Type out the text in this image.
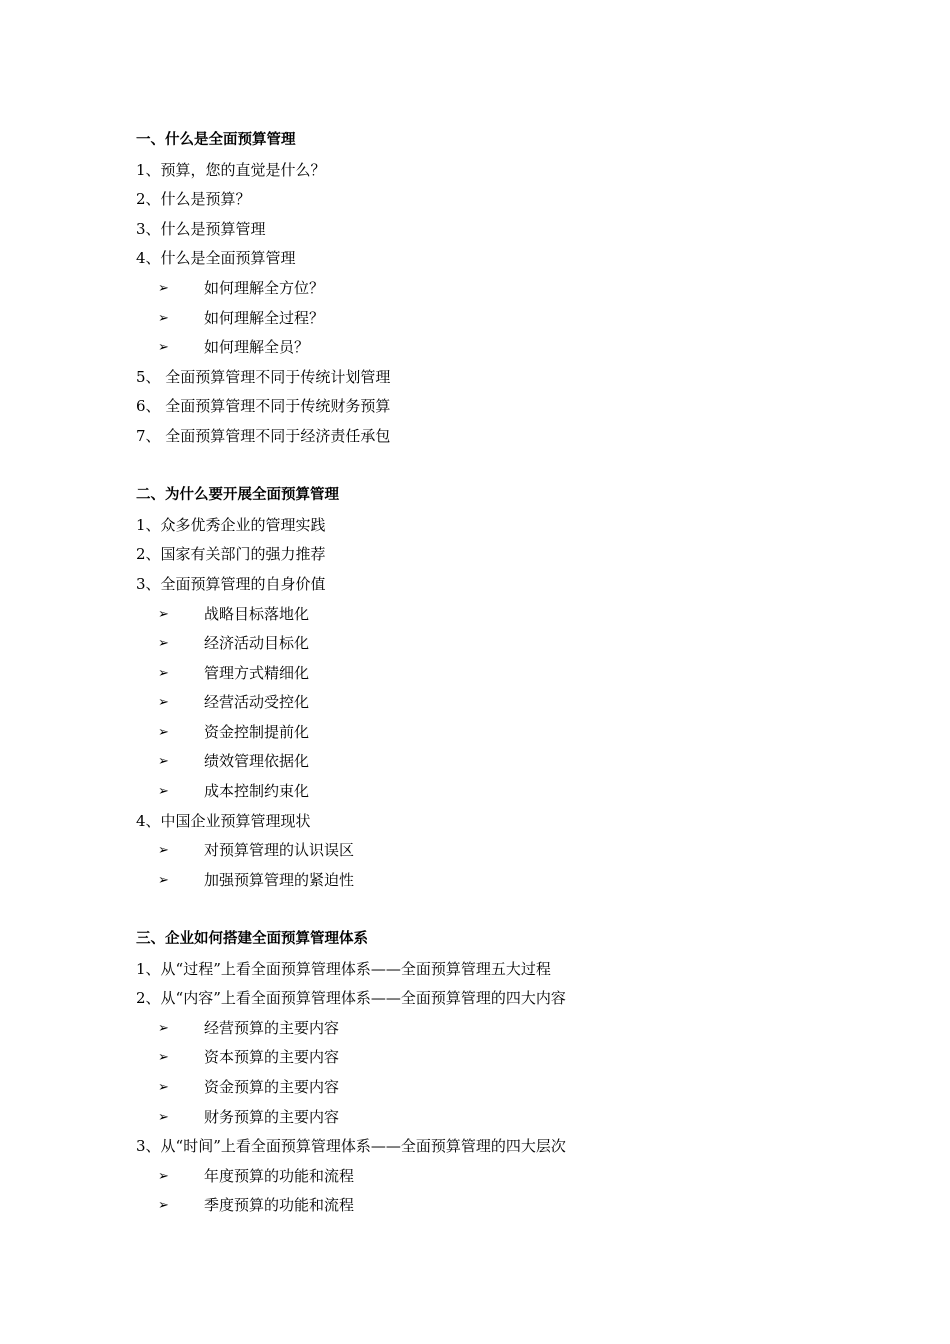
一、什么是全面预算管理
1、预算，您的直觉是什么？
2、什么是预算？
3、什么是预算管理
4、什么是全面预算管理
➢ 如何理解全方位？
➢ 如何理解全过程？
➢ 如何理解全员？
5、 全面预算管理不同于传统计划管理
6、 全面预算管理不同于传统财务预算
7、 全面预算管理不同于经济责任承包
二、为什么要开展全面预算管理
1、众多优秀企业的管理实践
2、国家有关部门的强力推荐
3、全面预算管理的自身价值
➢ 战略目标落地化
➢ 经济活动目标化
➢ 管理方式精细化
➢ 经营活动受控化
➢ 资金控制提前化
➢ 绩效管理依据化
➢ 成本控制约束化
4、中国企业预算管理现状
➢ 对预算管理的认识误区
➢ 加强预算管理的紧迫性
三、企业如何搭建全面预算管理体系
1、从“过程”上看全面预算管理体系——全面预算管理五大过程
2、从“内容”上看全面预算管理体系——全面预算管理的四大内容
➢ 经营预算的主要内容
➢ 资本预算的主要内容
➢ 资金预算的主要内容
➢ 财务预算的主要内容
3、从“时间”上看全面预算管理体系——全面预算管理的四大层次
➢ 年度预算的功能和流程
➢ 季度预算的功能和流程
